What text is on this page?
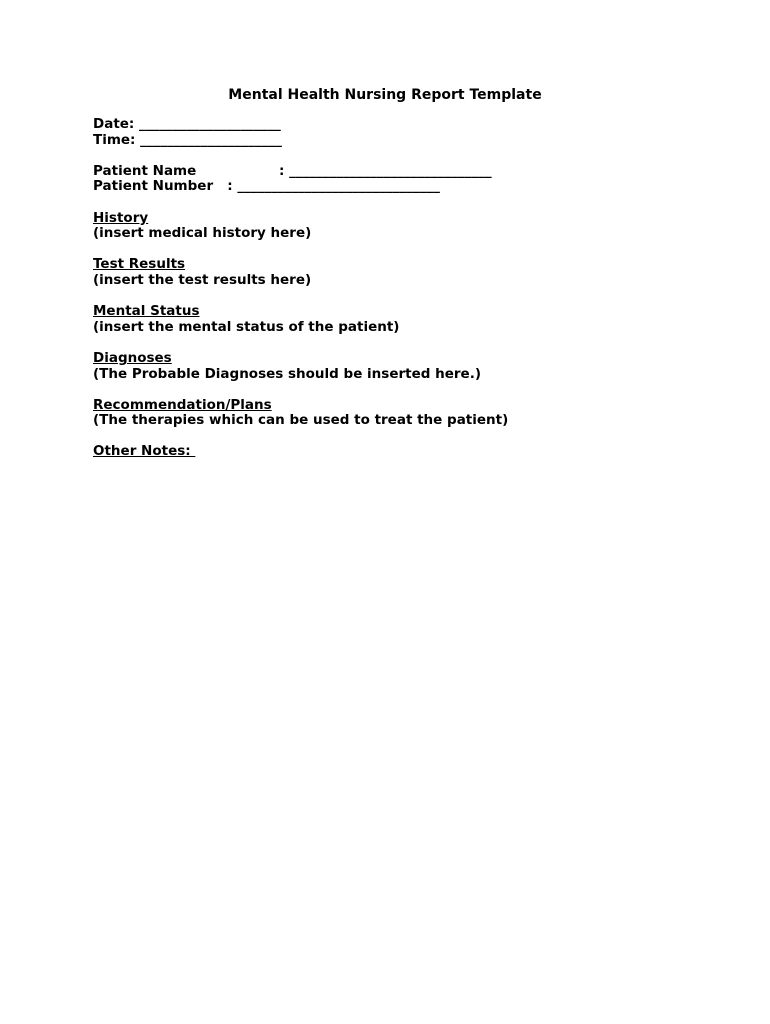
Mental Health Nursing Report Template
Date: _____________________
Time: _____________________
Patient Name	: ______________________________
Patient Number : ______________________________
History
(insert medical history here)
Test Results
(insert the test results here)
Mental Status
(insert the mental status of the patient)
Diagnoses
(The Probable Diagnoses should be inserted here.)
Recommendation/Plans
(The therapies which can be used to treat the patient)
Other Notes:
